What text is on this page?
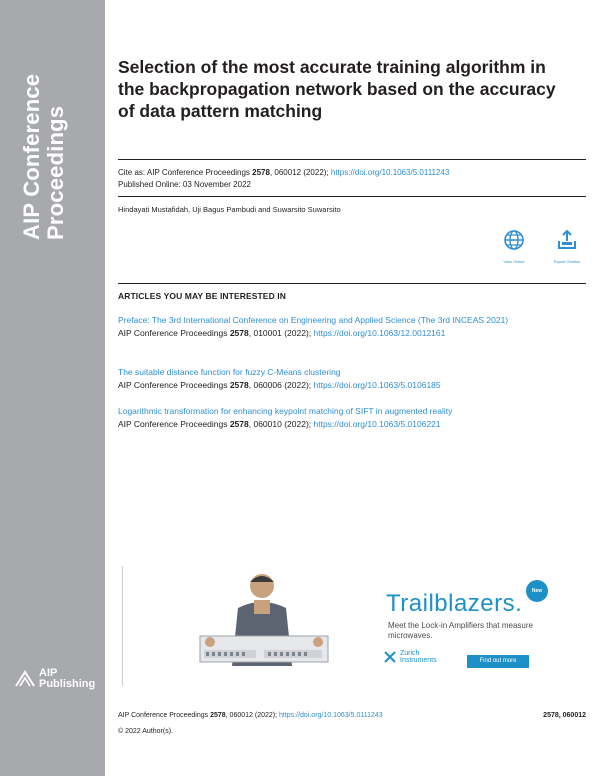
AIP Conference Proceedings
AIP
Publishing
Selection of the most accurate training algorithm in the backpropagation network based on the accuracy of data pattern matching
Cite as: AIP Conference Proceedings 2578, 060012 (2022); https://doi.org/10.1063/5.0111243
Published Online: 03 November 2022
Hindayati Mustafidah, Uji Bagus Pambudi and Suwarsito Suwarsito
View Online	Export Citation
ARTICLES YOU MAY BE INTERESTED IN
Preface: The 3rd International Conference on Engineering and Applied Science (The 3rd INCEAS 2021)
AIP Conference Proceedings 2578, 010001 (2022); https://doi.org/10.1063/12.0012161
The suitable distance function for fuzzy C-Means clustering
AIP Conference Proceedings 2578, 060006 (2022); https://doi.org/10.1063/5.0106185
Logarithmic transformation for enhancing keypoint matching of SIFT in augmented reality
AIP Conference Proceedings 2578, 060010 (2022); https://doi.org/10.1063/5.0106221
New
Trailblazers.
Meet the Lock-in Amplifiers that measure microwaves.
Zurich
Instruments	Find out more
AIP Conference Proceedings 2578, 060012 (2022); https://doi.org/10.1063/5.0111243	2578, 060012
© 2022 Author(s).
